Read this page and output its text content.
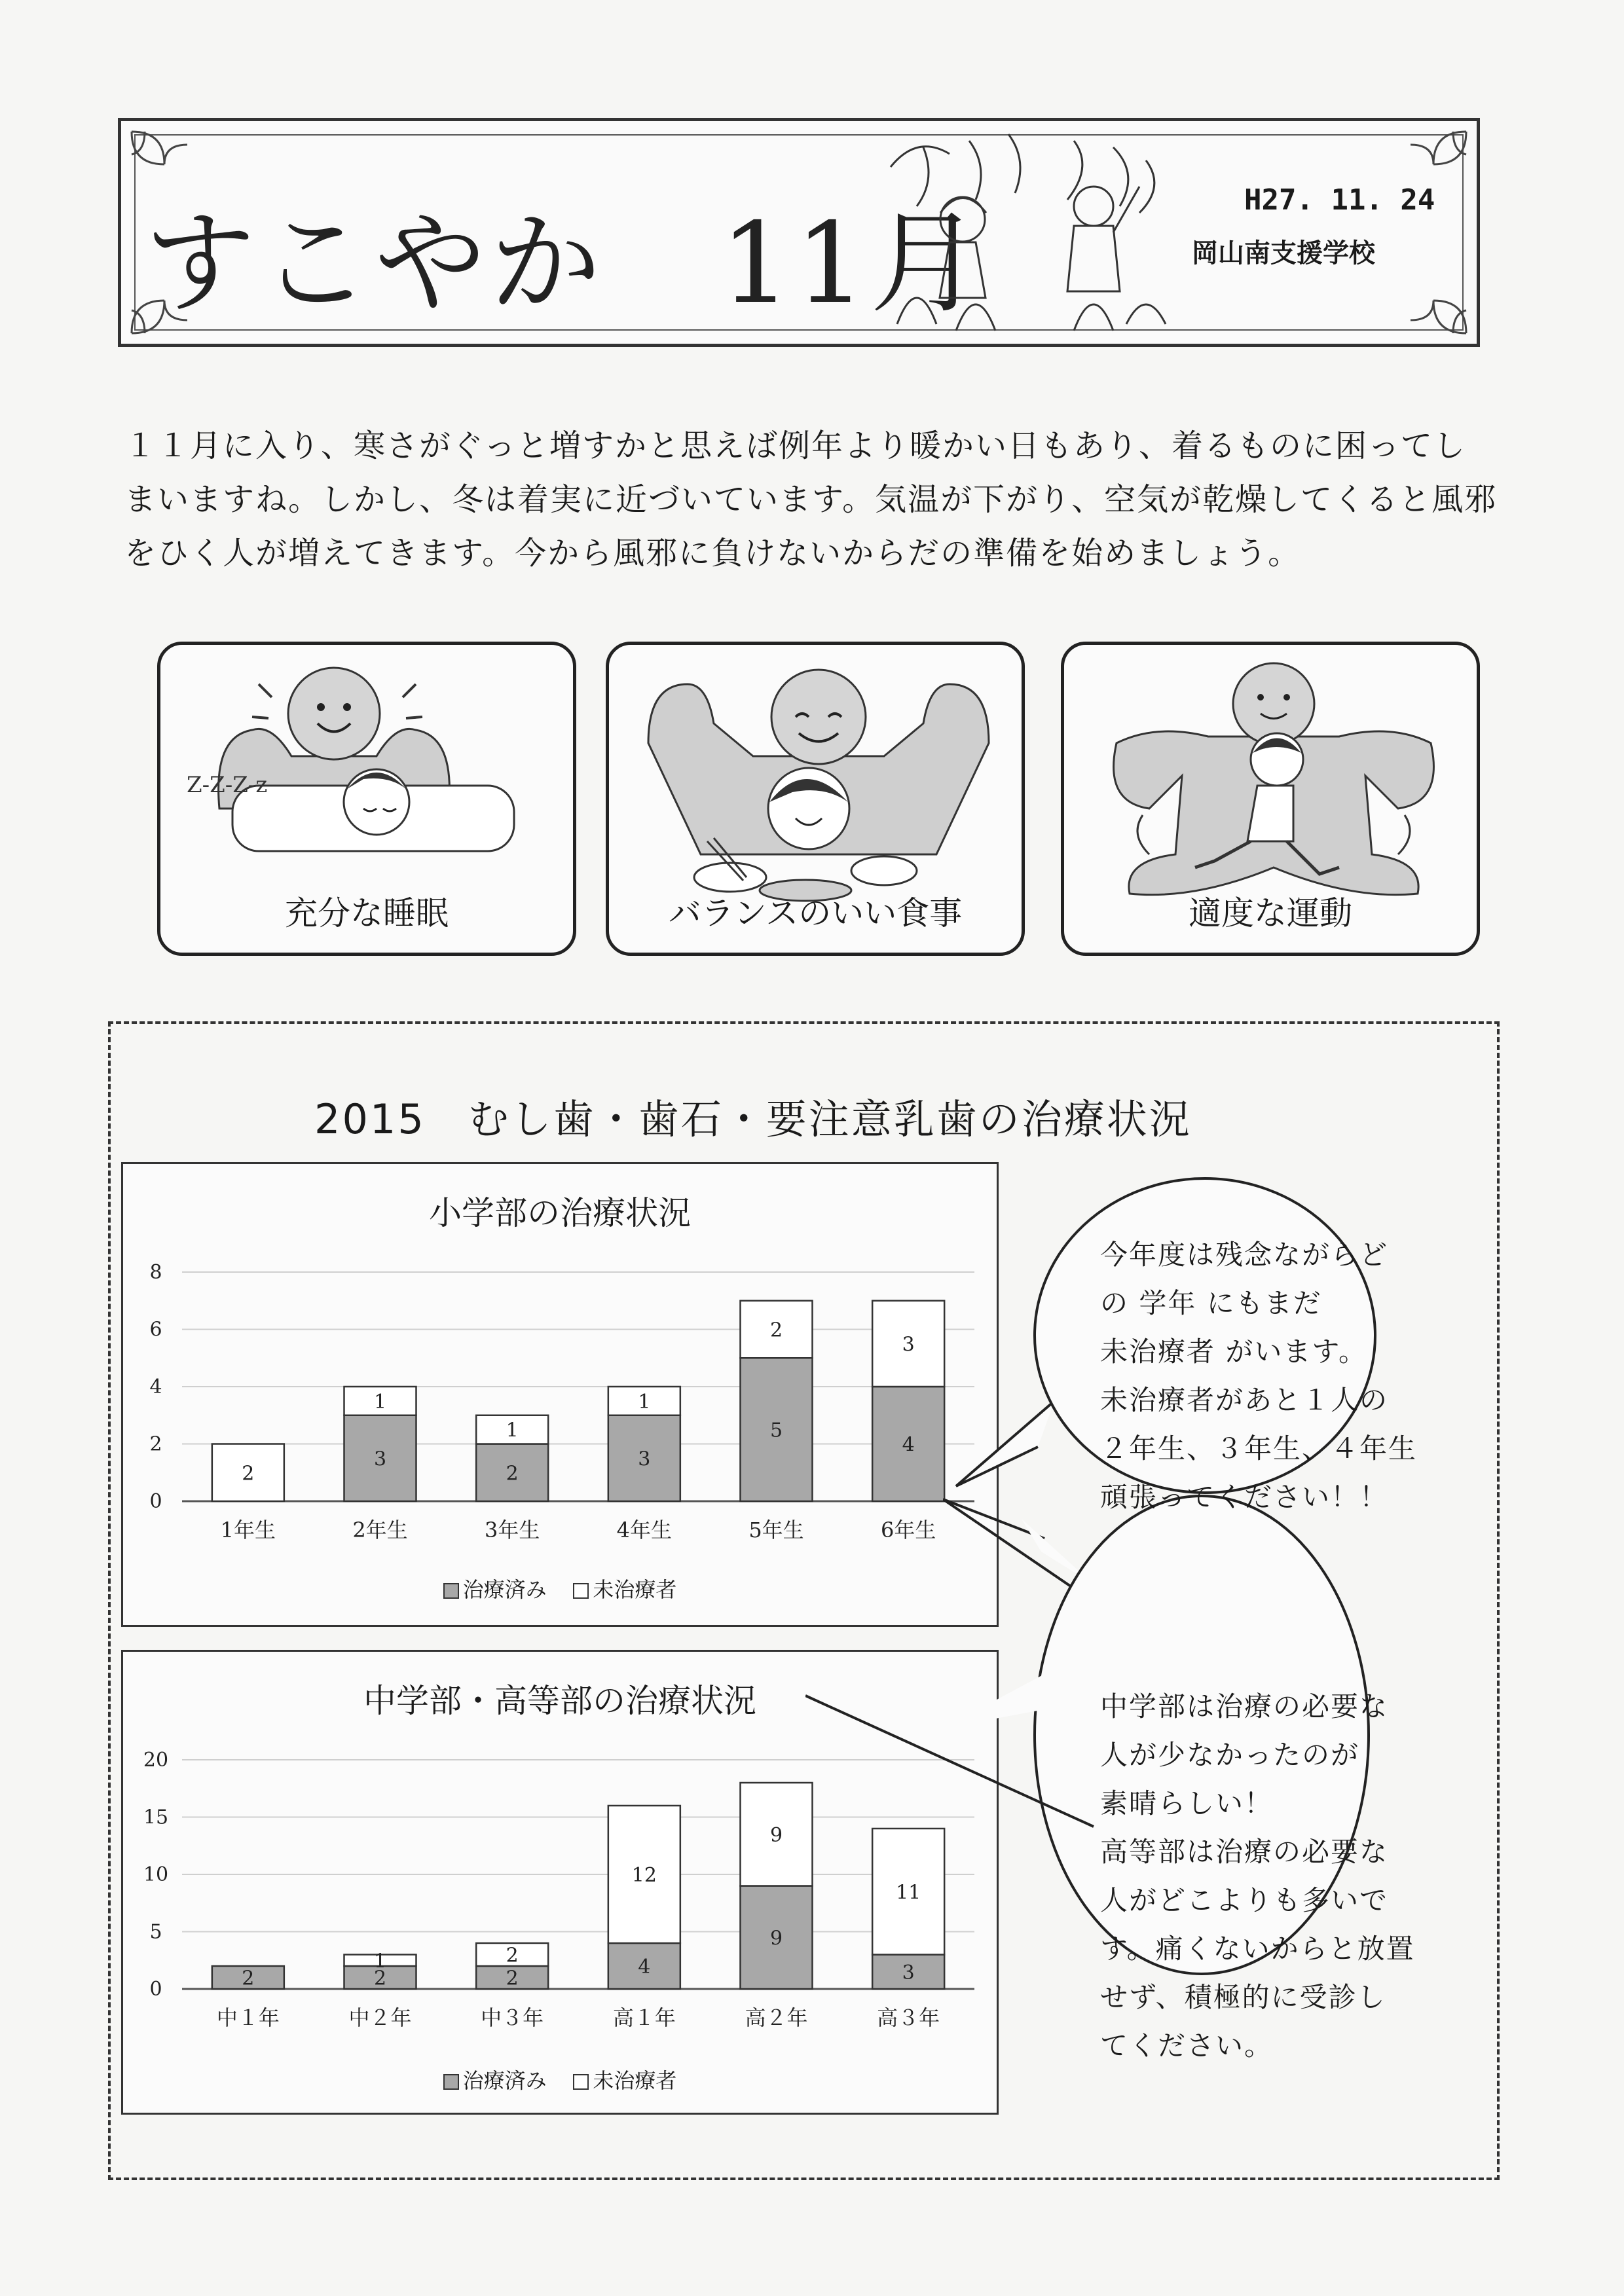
すこやか　11月	H27. 11. 24
岡山南支援学校
１１月に入り、寒さがぐっと増すかと思えば例年より暖かい日もあり、着るものに困ってし
まいますね。しかし、冬は着実に近づいています。気温が下がり、空気が乾燥してくると風邪
をひく人が増えてきます。今から風邪に負けないからだの準備を始めましょう。
Z-Z-Z-z
充分な睡眠	バランスのいい食事	適度な運動
2015　むし歯・歯石・要注意乳歯の治療状況
小学部の治療状況
0
2
4
6
8
2
1年生
3
1
2年生
2
1
3年生
3
1
4年生
5
2
5年生
4
3
6年生
治療済み 未治療者
中学部・高等部の治療状況
0
5
10
15
20
2
中１年
2
1
中２年
2
2
中３年
4
12
高１年
9
9
高２年
3
11
高３年
治療済み 未治療者
今年度は残念ながらど
の 学年 にもまだ
未治療者 がいます。
未治療者があと１人の
２年生、３年生、４年生
頑張ってください！！
中学部は治療の必要な
人が少なかったのが
素晴らしい！
高等部は治療の必要な
人がどこよりも多いで
す。痛くないからと放置
せず、積極的に受診し
てください。
